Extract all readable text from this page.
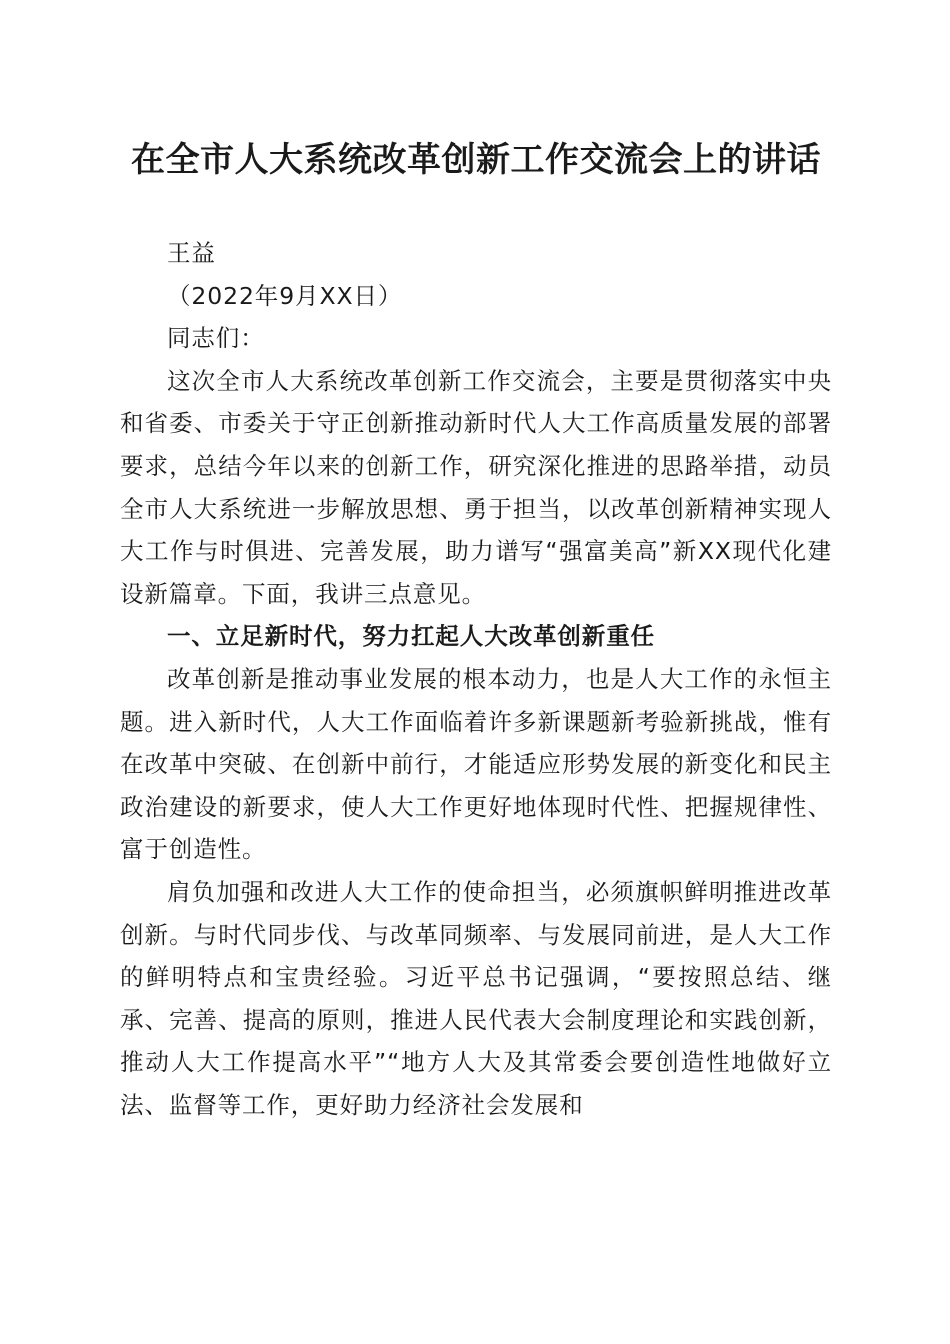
在全市人大系统改革创新工作交流会上的讲话

王益

（2022年9月XX日）

同志们：

这次全市人大系统改革创新工作交流会，主要是贯彻落实中央和省委、市委关于守正创新推动新时代人大工作高质量发展的部署要求，总结今年以来的创新工作，研究深化推进的思路举措，动员全市人大系统进一步解放思想、勇于担当，以改革创新精神实现人大工作与时俱进、完善发展，助力谱写“强富美高”新XX现代化建设新篇章。下面，我讲三点意见。

一、立足新时代，努力扛起人大改革创新重任

改革创新是推动事业发展的根本动力，也是人大工作的永恒主题。进入新时代，人大工作面临着许多新课题新考验新挑战，惟有在改革中突破、在创新中前行，才能适应形势发展的新变化和民主政治建设的新要求，使人大工作更好地体现时代性、把握规律性、富于创造性。

肩负加强和改进人大工作的使命担当，必须旗帜鲜明推进改革创新。与时代同步伐、与改革同频率、与发展同前进，是人大工作的鲜明特点和宝贵经验。习近平总书记强调，“要按照总结、继承、完善、提高的原则，推进人民代表大会制度理论和实践创新，推动人大工作提高水平”“地方人大及其常委会要创造性地做好立法、监督等工作，更好助力经济社会发展和
